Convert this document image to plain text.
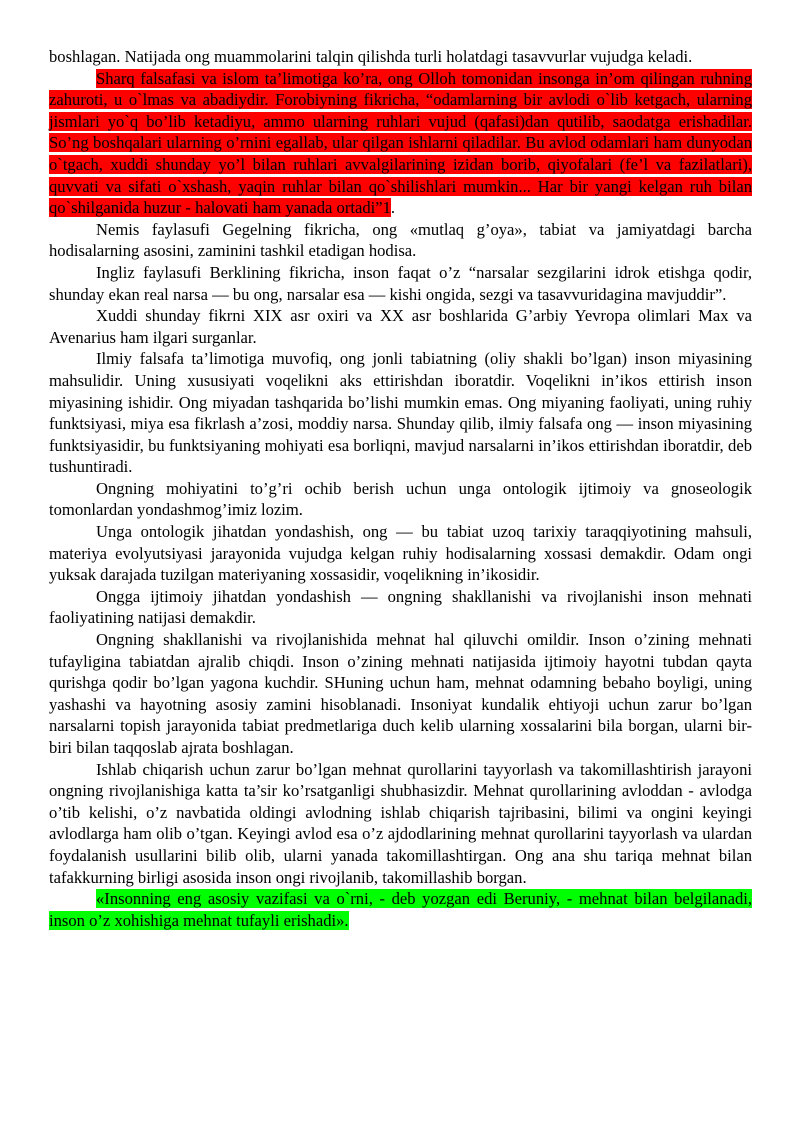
boshlagan. Natijada ong muammolarini talqin qilishda turli holatdagi tasavvurlar vujudga keladi.

Sharq falsafasi va islom ta’limotiga ko’ra, ong Olloh tomonidan insonga in’om qilingan ruhning zahuroti, u o`lmas va abadiydir. Forobiyning fikricha, “odamlarning bir avlodi o`lib ketgach, ularning jismlari yo`q bo’lib ketadiyu, ammo ularning ruhlari vujud (qafasi)dan qutilib, saodatga erishadilar. So’ng boshqalari ularning o’rnini egallab, ular qilgan ishlarni qiladilar. Bu avlod odamlari ham dunyodan o`tgach, xuddi shunday yo’l bilan ruhlari avvalgilarining izidan borib, qiyofalari (fe’l va fazilatlari), quvvati va sifati o`xshash, yaqin ruhlar bilan qo`shilishlari mumkin... Har bir yangi kelgan ruh bilan qo`shilganida huzur - halovati ham yanada ortadi”1.

Nemis faylasufi Gegelning fikricha, ong «mutlaq g’oya», tabiat va jamiyatdagi barcha hodisalarning asosini, zaminini tashkil etadigan hodisa.

Ingliz faylasufi Berklining fikricha, inson faqat o’z “narsalar sezgilarini idrok etishga qodir, shunday ekan real narsa — bu ong, narsalar esa — kishi ongida, sezgi va tasavvuridagina mavjuddir”.

Xuddi shunday fikrni XIX asr oxiri va XX asr boshlarida G’arbiy Yevropa olimlari Max va Avenarius ham ilgari surganlar.

Ilmiy falsafa ta’limotiga muvofiq, ong jonli tabiatning (oliy shakli bo’lgan) inson miyasining mahsulidir. Uning xususiyati voqelikni aks ettirishdan iboratdir. Voqelikni in’ikos ettirish inson miyasining ishidir. Ong miyadan tashqarida bo’lishi mumkin emas. Ong miyaning faoliyati, uning ruhiy funktsiyasi, miya esa fikrlash a’zosi, moddiy narsa. Shunday qilib, ilmiy falsafa ong — inson miyasining funktsiyasidir, bu funktsiyaning mohiyati esa borliqni, mavjud narsalarni in’ikos ettirishdan iboratdir, deb tushuntiradi.

Ongning mohiyatini to’g’ri ochib berish uchun unga ontologik ijtimoiy va gnoseologik tomonlardan yondashmog’imiz lozim.

Unga ontologik jihatdan yondashish, ong — bu tabiat uzoq tarixiy taraqqiyotining mahsuli, materiya evolyutsiyasi jarayonida vujudga kelgan ruhiy hodisalarning xossasi demakdir. Odam ongi yuksak darajada tuzilgan materiyaning xossasidir, voqelikning in’ikosidir.

Ongga ijtimoiy jihatdan yondashish — ongning shakllanishi va rivojlanishi inson mehnati faoliyatining natijasi demakdir.

Ongning shakllanishi va rivojlanishida mehnat hal qiluvchi omildir. Inson o’zining mehnati tufayligina tabiatdan ajralib chiqdi. Inson o’zining mehnati natijasida ijtimoiy hayotni tubdan qayta qurishga qodir bo’lgan yagona kuchdir. SHuning uchun ham, mehnat odamning bebaho boyligi, uning yashashi va hayotning asosiy zamini hisoblanadi. Insoniyat kundalik ehtiyoji uchun zarur bo’lgan narsalarni topish jarayonida tabiat predmetlariga duch kelib ularning xossalarini bila borgan, ularni bir-biri bilan taqqoslab ajrata boshlagan.

Ishlab chiqarish uchun zarur bo’lgan mehnat qurollarini tayyorlash va takomillashtirish jarayoni ongning rivojlanishiga katta ta’sir ko’rsatganligi shubhasizdir. Mehnat qurollarining avloddan - avlodga o’tib kelishi, o’z navbatida oldingi avlodning ishlab chiqarish tajribasini, bilimi va ongini keyingi avlodlarga ham olib o’tgan. Keyingi avlod esa o’z ajdodlarining mehnat qurollarini tayyorlash va ulardan foydalanish usullarini bilib olib, ularni yanada takomillashtirgan. Ong ana shu tariqa mehnat bilan tafakkurning birligi asosida inson ongi rivojlanib, takomillashib borgan.

«Insonning eng asosiy vazifasi va o`rni, - deb yozgan edi Beruniy, - mehnat bilan belgilanadi, inson o’z xohishiga mehnat tufayli erishadi».
